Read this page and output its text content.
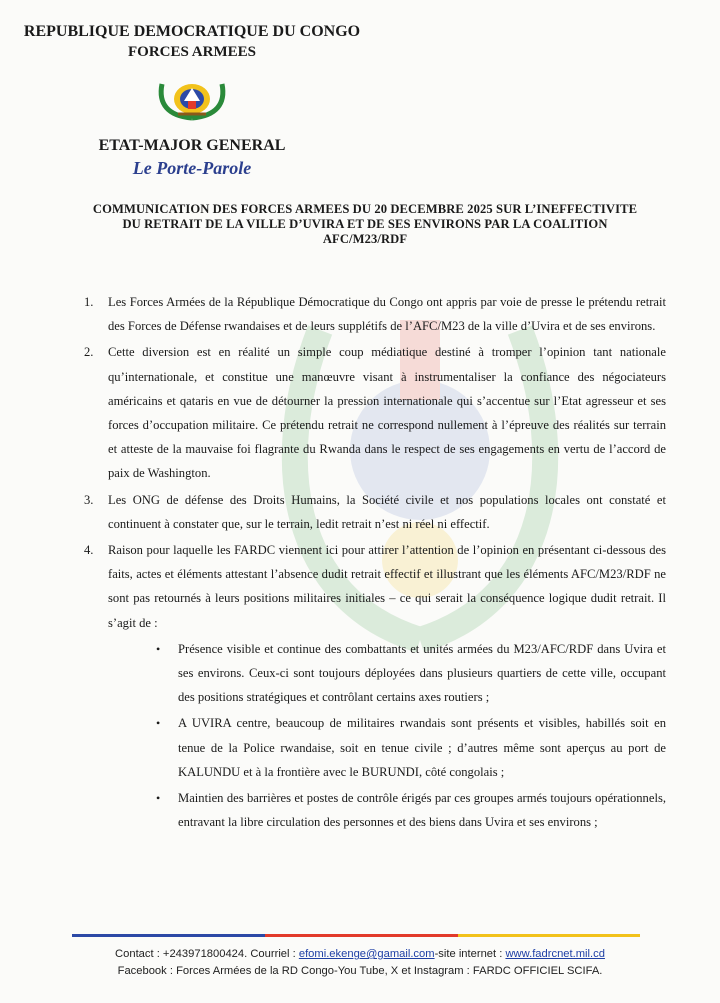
REPUBLIQUE DEMOCRATIQUE DU CONGO
FORCES ARMEES
ETAT-MAJOR GENERAL
Le Porte-Parole
COMMUNICATION DES FORCES ARMEES DU 20 DECEMBRE 2025 SUR L’INEFFECTIVITE
DU RETRAIT DE LA VILLE D’UVIRA ET DE SES ENVIRONS PAR LA COALITION
AFC/M23/RDF
1. Les Forces Armées de la République Démocratique du Congo ont appris par voie de presse le prétendu retrait des Forces de Défense rwandaises et de leurs supplétifs de l’AFC/M23 de la ville d’Uvira et de ses environs.
2. Cette diversion est en réalité un simple coup médiatique destiné à tromper l’opinion tant nationale qu’internationale, et constitue une manœuvre visant à instrumentaliser la confiance des négociateurs américains et qataris en vue de détourner la pression internationale qui s’accentue sur l’Etat agresseur et ses forces d’occupation militaire. Ce prétendu retrait ne correspond nullement à l’épreuve des réalités sur terrain et atteste de la mauvaise foi flagrante du Rwanda dans le respect de ses engagements en vertu de l’accord de paix de Washington.
3. Les ONG de défense des Droits Humains, la Société civile et nos populations locales ont constaté et continuent à constater que, sur le terrain, ledit retrait n’est ni réel ni effectif.
4. Raison pour laquelle les FARDC viennent ici pour attirer l’attention de l’opinion en présentant ci-dessous des faits, actes et éléments attestant l’absence dudit retrait effectif et illustrant que les éléments AFC/M23/RDF ne sont pas retournés à leurs positions militaires initiales – ce qui serait la conséquence logique dudit retrait. Il s’agit de :
• Présence visible et continue des combattants et unités armées du M23/AFC/RDF dans Uvira et ses environs. Ceux-ci sont toujours déployées dans plusieurs quartiers de cette ville, occupant des positions stratégiques et contrôlant certains axes routiers ;
• A UVIRA centre, beaucoup de militaires rwandais sont présents et visibles, habillés soit en tenue de la Police rwandaise, soit en tenue civile ; d’autres même sont aperçus au port de KALUNDU et à la frontière avec le BURUNDI, côté congolais ;
• Maintien des barrières et postes de contrôle érigés par ces groupes armés toujours opérationnels, entravant la libre circulation des personnes et des biens dans Uvira et ses environs ;
Contact : +243971800424. Courriel : efomi.ekenge@gamail.com-site internet : www.fadrcnet.mil.cd
Facebook : Forces Armées de la RD Congo-You Tube, X et Instagram : FARDC OFFICIEL SCIFA.
